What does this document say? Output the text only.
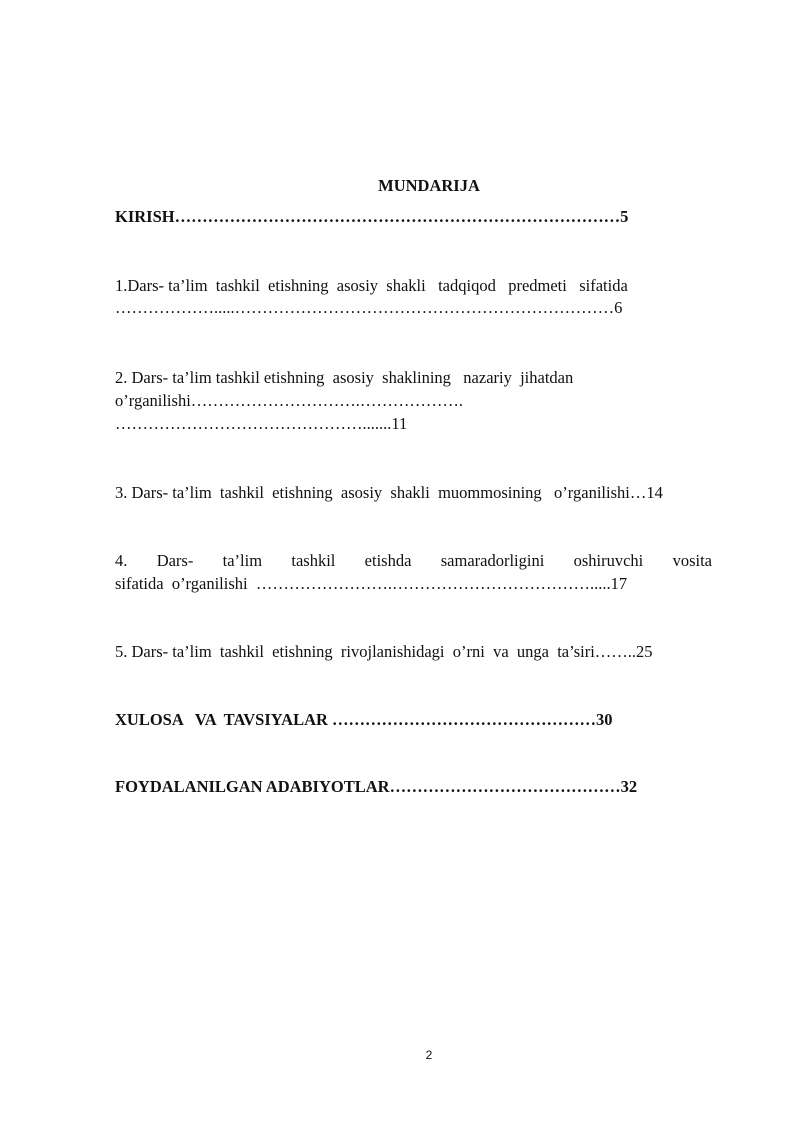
MUNDARIJA
KIRISH………………………………………………………………………5
1.Dars- ta’lim  tashkil  etishning  asosiy  shakli   tadqiqod   predmeti   sifatida
……………….....……………………………………………………………6
2. Dars- ta’lim tashkil etishning  asosiy  shaklining   nazariy  jihatdan
o’rganilishi………………………….……………….
……………………………………….......11
3. Dars- ta’lim  tashkil  etishning  asosiy  shakli  muommosining   o’rganilishi…14
4. Dars- ta’lim tashkil etishda samaradorligini oshiruvchi vosita
sifatida  o’rganilishi  …………………….……………………………….....17
5. Dars- ta’lim  tashkil  etishning  rivojlanishidagi  o’rni  va  unga  ta’siri……..25
XULOSA   VA  TAVSIYALAR …………………………………………30
FOYDALANILGAN ADABIYOTLAR……………………………………32
2
